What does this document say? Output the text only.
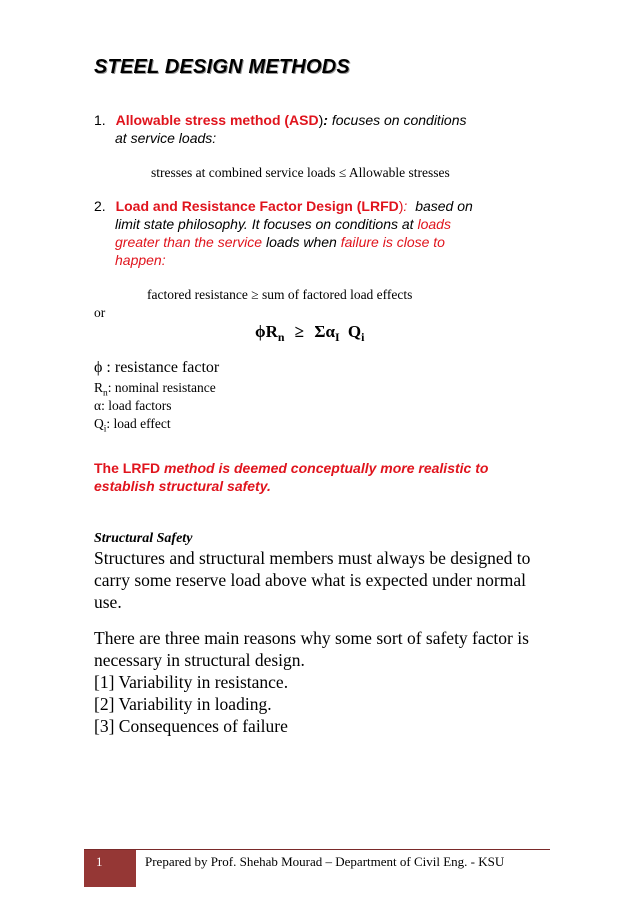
STEEL DESIGN METHODS
1. Allowable stress method (ASD): focuses on conditions
at service loads:
stresses at combined service loads ≤ Allowable stresses
2. Load and Resistance Factor Design (LRFD): based on
limit state philosophy. It focuses on conditions at loads
greater than the service loads when failure is close to
happen:
factored resistance ≥ sum of factored load effects
or
$\phi R_n \ge \Sigma\alpha_I$ $Q_i$
ϕ : resistance factor
$R_n$: nominal resistance
α: load factors
$Q_i$: load effect
The LRFD method is deemed conceptually more realistic to
establish structural safety.
Structural Safety
Structures and structural members must always be designed to
carry some reserve load above what is expected under normal
use.
There are three main reasons why some sort of safety factor is
necessary in structural design.
[1] Variability in resistance.
[2] Variability in loading.
[3] Consequences of failure
1	Prepared by Prof. Shehab Mourad – Department of Civil Eng. - KSU
